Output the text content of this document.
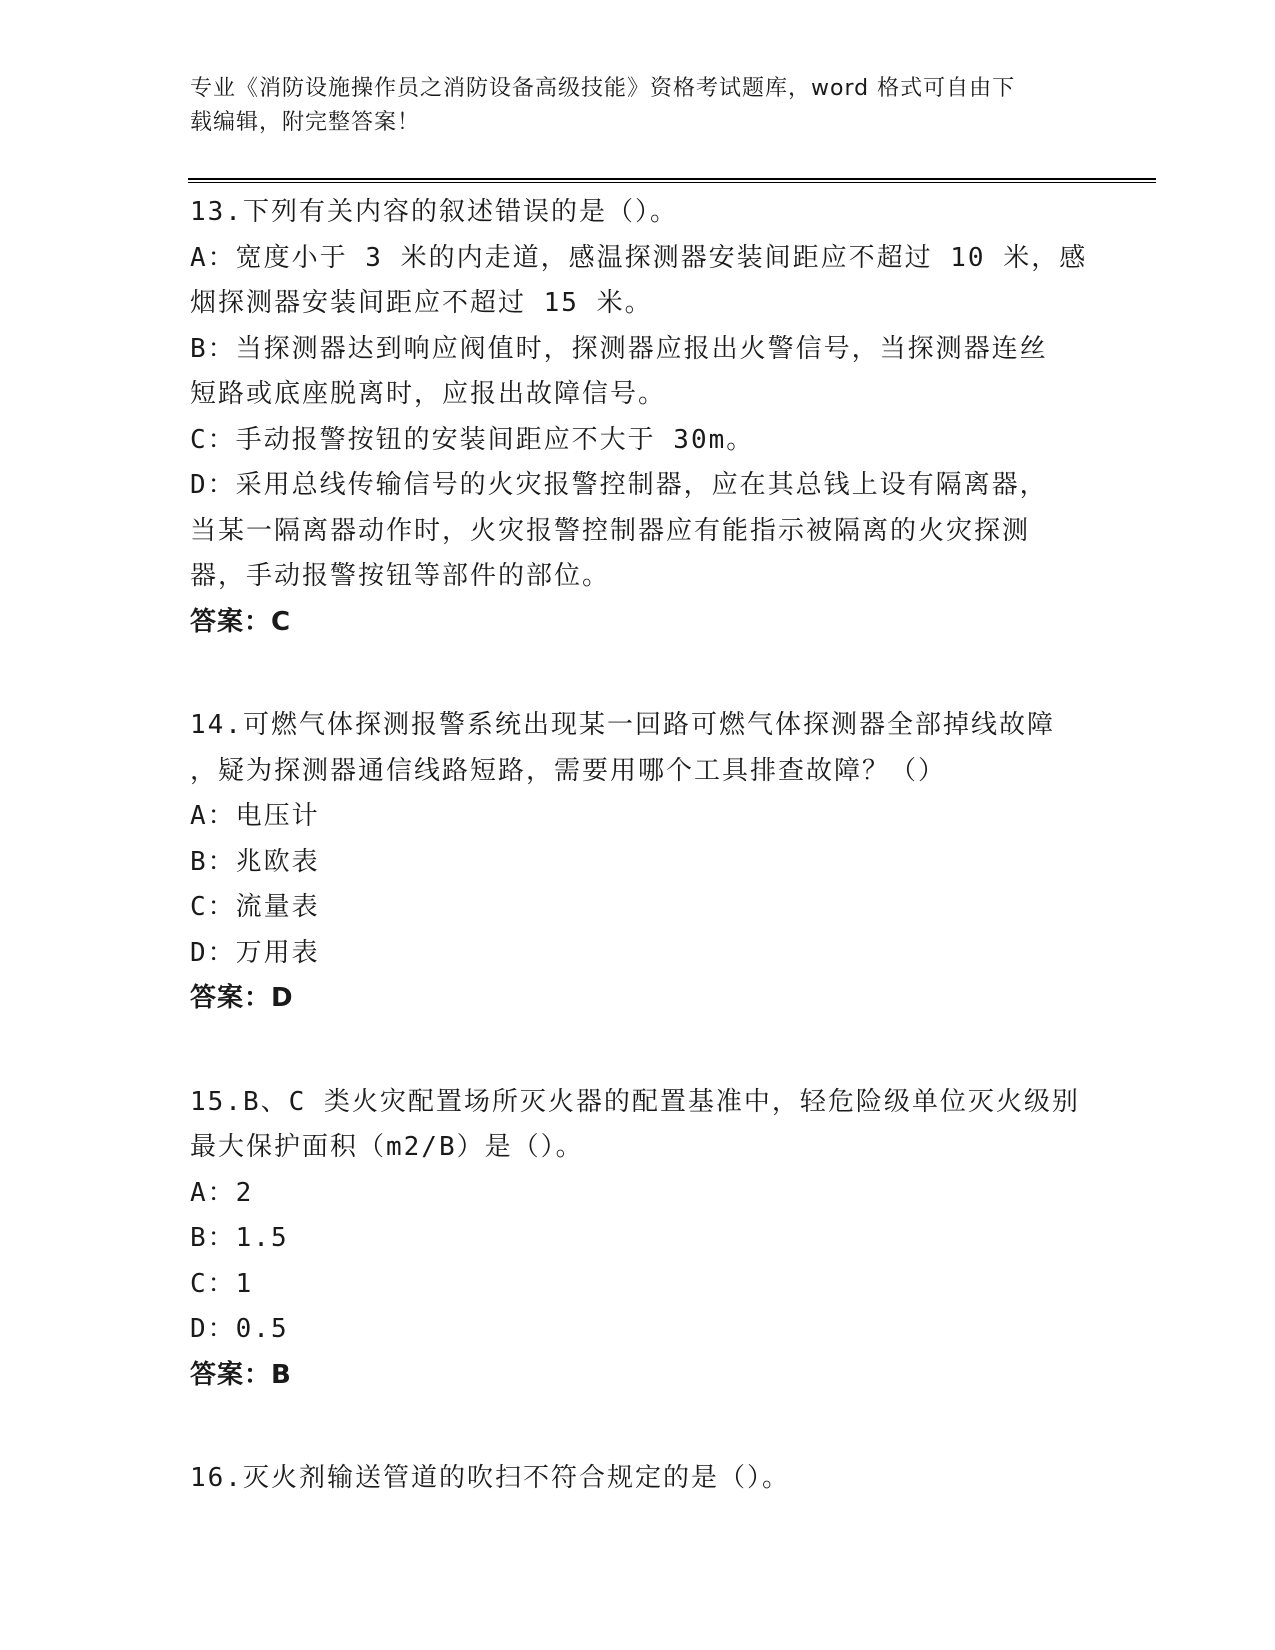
专业《消防设施操作员之消防设备高级技能》资格考试题库，word 格式可自由下
载编辑，附完整答案！
13.下列有关内容的叙述错误的是（）。
A：宽度小于 3 米的内走道，感温探测器安装间距应不超过 10 米，感
烟探测器安装间距应不超过 15 米。
B：当探测器达到响应阀值时，探测器应报出火警信号，当探测器连丝
短路或底座脱离时，应报出故障信号。
C：手动报警按钮的安装间距应不大于 30m。
D：采用总线传输信号的火灾报警控制器，应在其总钱上设有隔离器，
当某一隔离器动作时，火灾报警控制器应有能指示被隔离的火灾探测
器，手动报警按钮等部件的部位。
答案：C
14.可燃气体探测报警系统出现某一回路可燃气体探测器全部掉线故障
，疑为探测器通信线路短路，需要用哪个工具排查故障？（）
A：电压计
B：兆欧表
C：流量表
D：万用表
答案：D
15.B、C 类火灾配置场所灭火器的配置基准中，轻危险级单位灭火级别
最大保护面积（m2/B）是（）。
A：2
B：1.5
C：1
D：0.5
答案：B
16.灭火剂输送管道的吹扫不符合规定的是（）。
